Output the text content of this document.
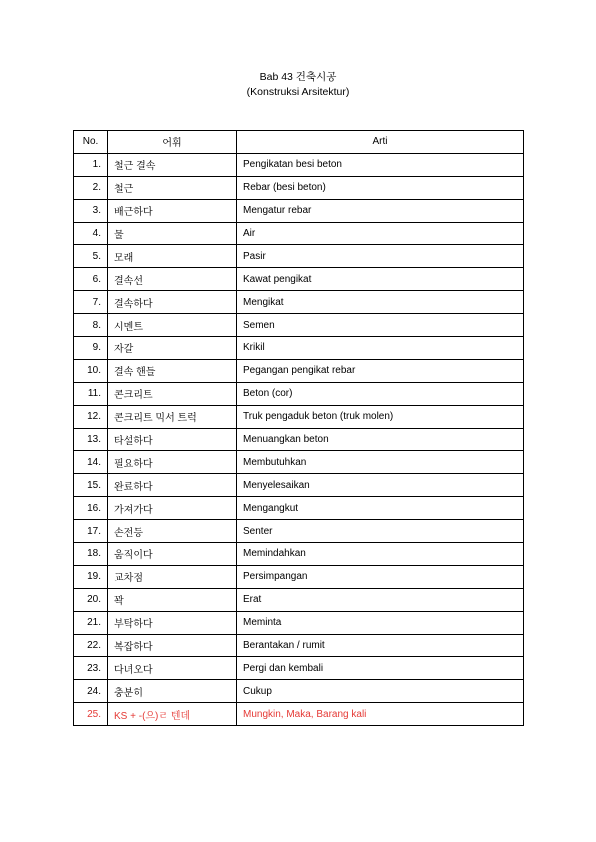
Bab 43 건축시공
(Konstruksi Arsitektur)
No.	어휘	Arti
1.	철근 결속	Pengikatan besi beton
2.	철근	Rebar (besi beton)
3.	배근하다	Mengatur rebar
4.	물	Air
5.	모래	Pasir
6.	결속선	Kawat pengikat
7.	결속하다	Mengikat
8.	시멘트	Semen
9.	자갈	Krikil
10.	결속 핸들	Pegangan pengikat rebar
11.	콘크리트	Beton (cor)
12.	콘크리트 믹서 트럭	Truk pengaduk beton (truk molen)
13.	타설하다	Menuangkan beton
14.	필요하다	Membutuhkan
15.	완료하다	Menyelesaikan
16.	가져가다	Mengangkut
17.	손전등	Senter
18.	움직이다	Memindahkan
19.	교차점	Persimpangan
20.	꽉	Erat
21.	부탁하다	Meminta
22.	복잡하다	Berantakan / rumit
23.	다녀오다	Pergi dan kembali
24.	충분히	Cukup
25.	KS + -(으)ㄹ 텐데	Mungkin, Maka, Barang kali
